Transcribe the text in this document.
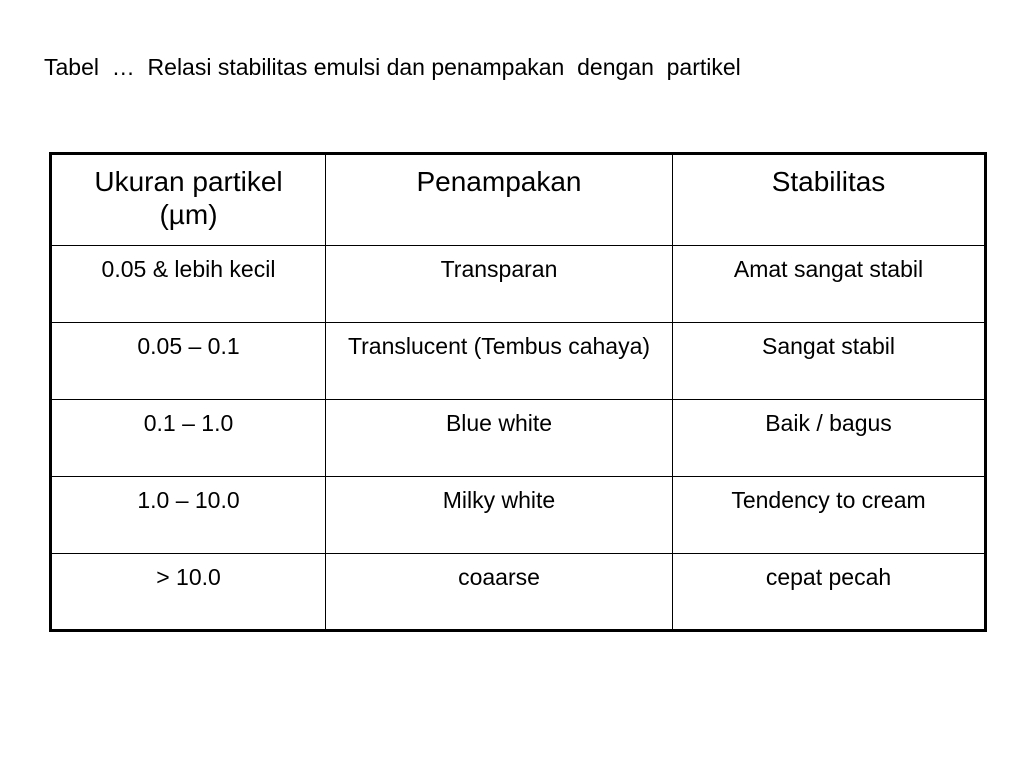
Tabel  …  Relasi stabilitas emulsi dan penampakan  dengan  partikel
Ukuran partikel (µm)	Penampakan	Stabilitas
0.05 & lebih kecil	Transparan	Amat sangat stabil
0.05 – 0.1	Translucent (Tembus cahaya)	Sangat stabil
0.1 – 1.0	Blue white	Baik / bagus
1.0 – 10.0	Milky white	Tendency to cream
> 10.0	coaarse	cepat pecah
